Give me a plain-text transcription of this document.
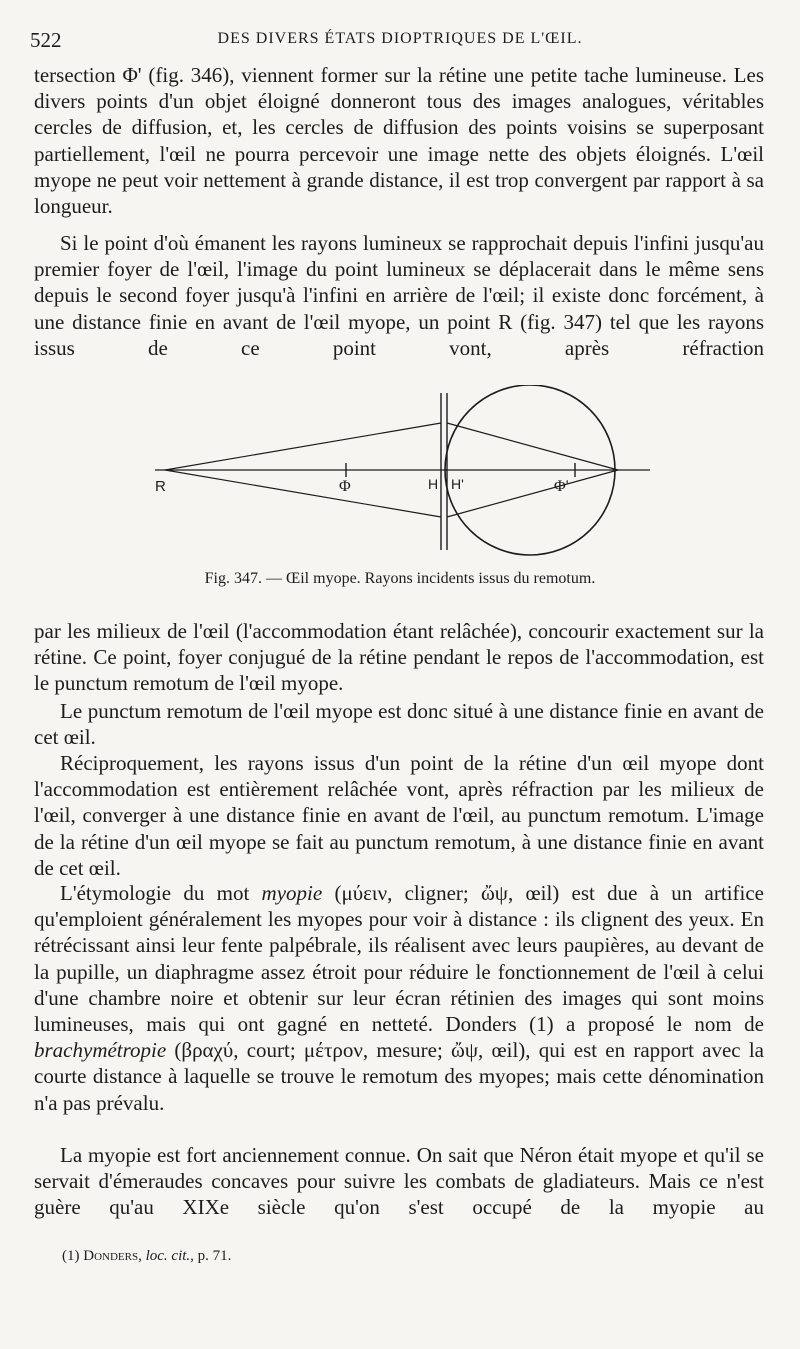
522	DES DIVERS ÉTATS DIOPTRIQUES DE L'ŒIL.

tersection Φ' (fig. 346), viennent former sur la rétine une petite tache lumineuse. Les divers points d'un objet éloigné donneront tous des images analogues, véritables cercles de diffusion, et, les cercles de diffusion des points voisins se superposant partiellement, l'œil ne pourra percevoir une image nette des objets éloignés. L'œil myope ne peut voir nettement à grande distance, il est trop convergent par rapport à sa longueur.

Si le point d'où émanent les rayons lumineux se rapprochait depuis l'infini jusqu'au premier foyer de l'œil, l'image du point lumineux se déplacerait dans le même sens depuis le second foyer jusqu'à l'infini en arrière de l'œil; il existe donc forcément, à une distance finie en avant de l'œil myope, un point R (fig. 347) tel que les rayons issus de ce point vont, après réfraction

R	Φ	H H'	Φ'
Fig. 347. — Œil myope. Rayons incidents issus du remotum.

par les milieux de l'œil (l'accommodation étant relâchée), concourir exactement sur la rétine. Ce point, foyer conjugué de la rétine pendant le repos de l'accommodation, est le punctum remotum de l'œil myope.

Le punctum remotum de l'œil myope est donc situé à une distance finie en avant de cet œil.

Réciproquement, les rayons issus d'un point de la rétine d'un œil myope dont l'accommodation est entièrement relâchée vont, après réfraction par les milieux de l'œil, converger à une distance finie en avant de l'œil, au punctum remotum. L'image de la rétine d'un œil myope se fait au punctum remotum, à une distance finie en avant de cet œil.

L'étymologie du mot myopie (μύειν, cligner; ὤψ, œil) est due à un artifice qu'emploient généralement les myopes pour voir à distance : ils clignent des yeux. En rétrécissant ainsi leur fente palpébrale, ils réalisent avec leurs paupières, au devant de la pupille, un diaphragme assez étroit pour réduire le fonctionnement de l'œil à celui d'une chambre noire et obtenir sur leur écran rétinien des images qui sont moins lumineuses, mais qui ont gagné en netteté. Donders (1) a proposé le nom de brachymétropie (βραχύ, court; μέτρον, mesure; ὤψ, œil), qui est en rapport avec la courte distance à laquelle se trouve le remotum des myopes; mais cette dénomination n'a pas prévalu.

La myopie est fort anciennement connue. On sait que Néron était myope et qu'il se servait d'émeraudes concaves pour suivre les combats de gladiateurs. Mais ce n'est guère qu'au XIXe siècle qu'on s'est occupé de la myopie au

(1) Donders, loc. cit., p. 71.
